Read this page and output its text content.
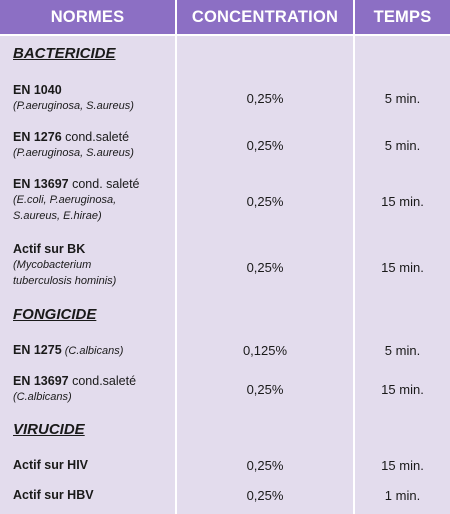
NORMES	CONCENTRATION	TEMPS
BACTERICIDE
EN 1040
(P.aeruginosa, S.aureus)
0,25%	5 min.
EN 1276 cond.saleté
(P.aeruginosa, S.aureus)
0,25%	5 min.
EN 13697 cond. saleté
(E.coli, P.aeruginosa,
S.aureus, E.hirae)
0,25%	15 min.
Actif sur BK
(Mycobacterium
tuberculosis hominis)
0,25%	15 min.
FONGICIDE
EN 1275 (C.albicans)	0,125%	5 min.
EN 13697 cond.saleté
(C.albicans)
0,25%	15 min.
VIRUCIDE
Actif sur HIV	0,25%	15 min.
Actif sur HBV	0,25%	1 min.
